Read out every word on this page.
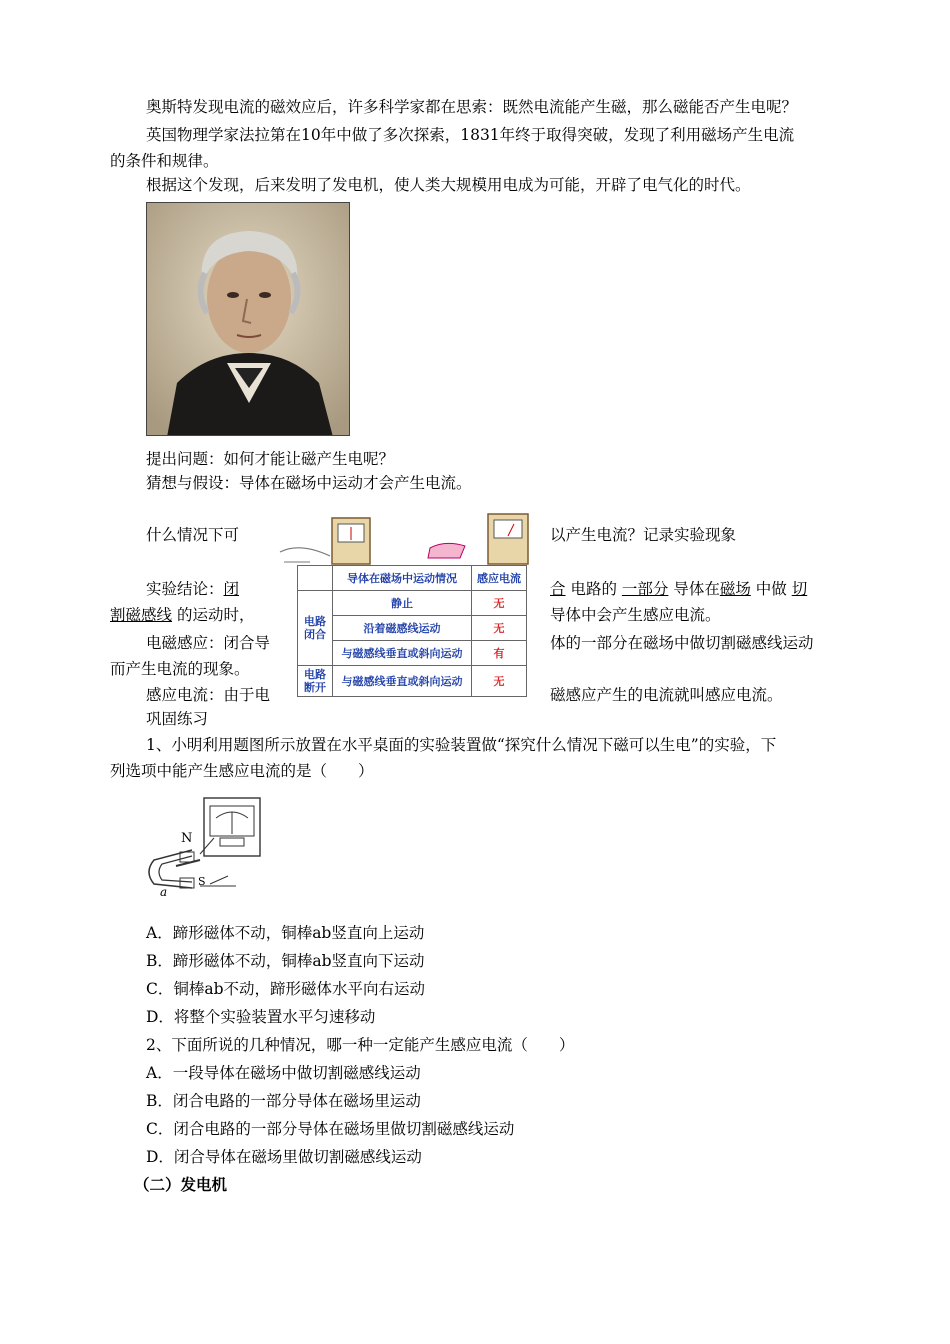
奥斯特发现电流的磁效应后，许多科学家都在思索：既然电流能产生磁，那么磁能否产生电呢？
英国物理学家法拉第在10年中做了多次探索，1831年终于取得突破，发现了利用磁场产生电流
的条件和规律。
根据这个发现，后来发明了发电机，使人类大规模用电成为可能，开辟了电气化的时代。
提出问题：如何才能让磁产生电呢？
猜想与假设：导体在磁场中运动才会产生电流。
	导体在磁场中运动情况	感应电流
电路闭合	静止	无
	沿着磁感线运动	无
	与磁感线垂直或斜向运动	有
电路断开	与磁感线垂直或斜向运动	无
什么情况下可	以产生电流？记录实验现象
实验结论：闭	合 电路的 一部分 导体在磁场 中做 切
割磁感线 的运动时，	导体中会产生感应电流。
电磁感应：闭合导	体的一部分在磁场中做切割磁感线运动
而产生电流的现象。
感应电流：由于电	磁感应产生的电流就叫感应电流。
巩固练习
1、小明利用题图所示放置在水平桌面的实验装置做“探究什么情况下磁可以生电”的实验，下
列选项中能产生感应电流的是（　　）
N
S
a
A．蹄形磁体不动，铜棒ab竖直向上运动
B．蹄形磁体不动，铜棒ab竖直向下运动
C．铜棒ab不动，蹄形磁体水平向右运动
D．将整个实验装置水平匀速移动
2、下面所说的几种情况，哪一种一定能产生感应电流（　　）
A．一段导体在磁场中做切割磁感线运动
B．闭合电路的一部分导体在磁场里运动
C．闭合电路的一部分导体在磁场里做切割磁感线运动
D．闭合导体在磁场里做切割磁感线运动
（二）发电机
